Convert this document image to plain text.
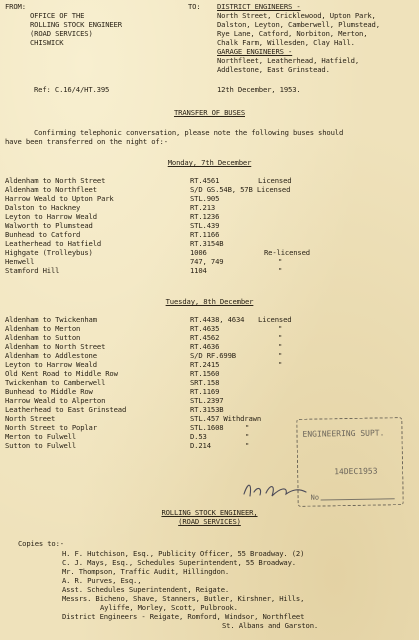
FROM:
OFFICE OF THE
ROLLING STOCK ENGINEER
(ROAD SERVICES)
CHISWICK
TO: DISTRICT ENGINEERS -
North Street, Cricklewood, Upton Park,
Dalston, Leyton, Camberwell, Plumstead,
Rye Lane, Catford, Norbiton, Merton,
Chalk Farm, Willesden, Clay Hall.
GARAGE ENGINEERS -
Northfleet, Leatherhead, Hatfield,
Addlestone, East Grinstead.
Ref: C.16/4/HT.395	12th December, 1953.
TRANSFER OF BUSES
Confirming telephonic conversation, please note the following buses should
have been transferred on the night of:-
Monday, 7th December
Aldenham to North Street	RT.4561	Licensed
Aldenham to Northfleet	S/D GS.54B, 57B Licensed
Harrow Weald to Upton Park	STL.905
Dalston to Hackney	RT.213
Leyton to Harrow Weald	RT.1236
Walworth to Plumstead	STL.439
Bunhead to Catford	RT.1166
Leatherhead to Hatfield	RT.3154B
Highgate (Trolleybus)	1006	Re-licensed
Henwell	747, 749	"
Stamford Hill	1104	"
Tuesday, 8th December
Aldenham to Twickenham	RT.4438, 4634 Licensed
Aldenham to Merton	RT.4635	"
Aldenham to Sutton	RT.4562	"
Aldenham to North Street	RT.4636	"
Aldenham to Addlestone	S/D RF.699B	"
Leyton to Harrow Weald	RT.2415	"
Old Kent Road to Middle Row	RT.1560
Twickenham to Camberwell	SRT.158
Bunhead to Middle Row	RT.1169
Harrow Weald to Alperton	STL.2397
Leatherhead to East Grinstead	RT.3153B
North Street	STL.457 Withdrawn
North Street to Poplar	STL.1608	"
Merton to Fulwell	D.53	"
Sutton to Fulwell	D.214	"
ENGINEERING SUPT.
14DEC1953
No
ROLLING STOCK ENGINEER,
(ROAD SERVICES)
Copies to:-
H. F. Hutchison, Esq., Publicity Officer, 55 Broadway. (2)
C. J. Mays, Esq., Schedules Superintendent, 55 Broadway.
Mr. Thompson, Traffic Audit, Hillingdon.
A. R. Purves, Esq.,
Asst. Schedules Superintendent, Reigate.
Messrs. Bicheno, Shave, Stanners, Butler, Kirshner, Hills,
Ayliffe, Morley, Scott, Pulbrook.
District Engineers - Reigate, Romford, Windsor, Northfleet
St. Albans and Garston.
